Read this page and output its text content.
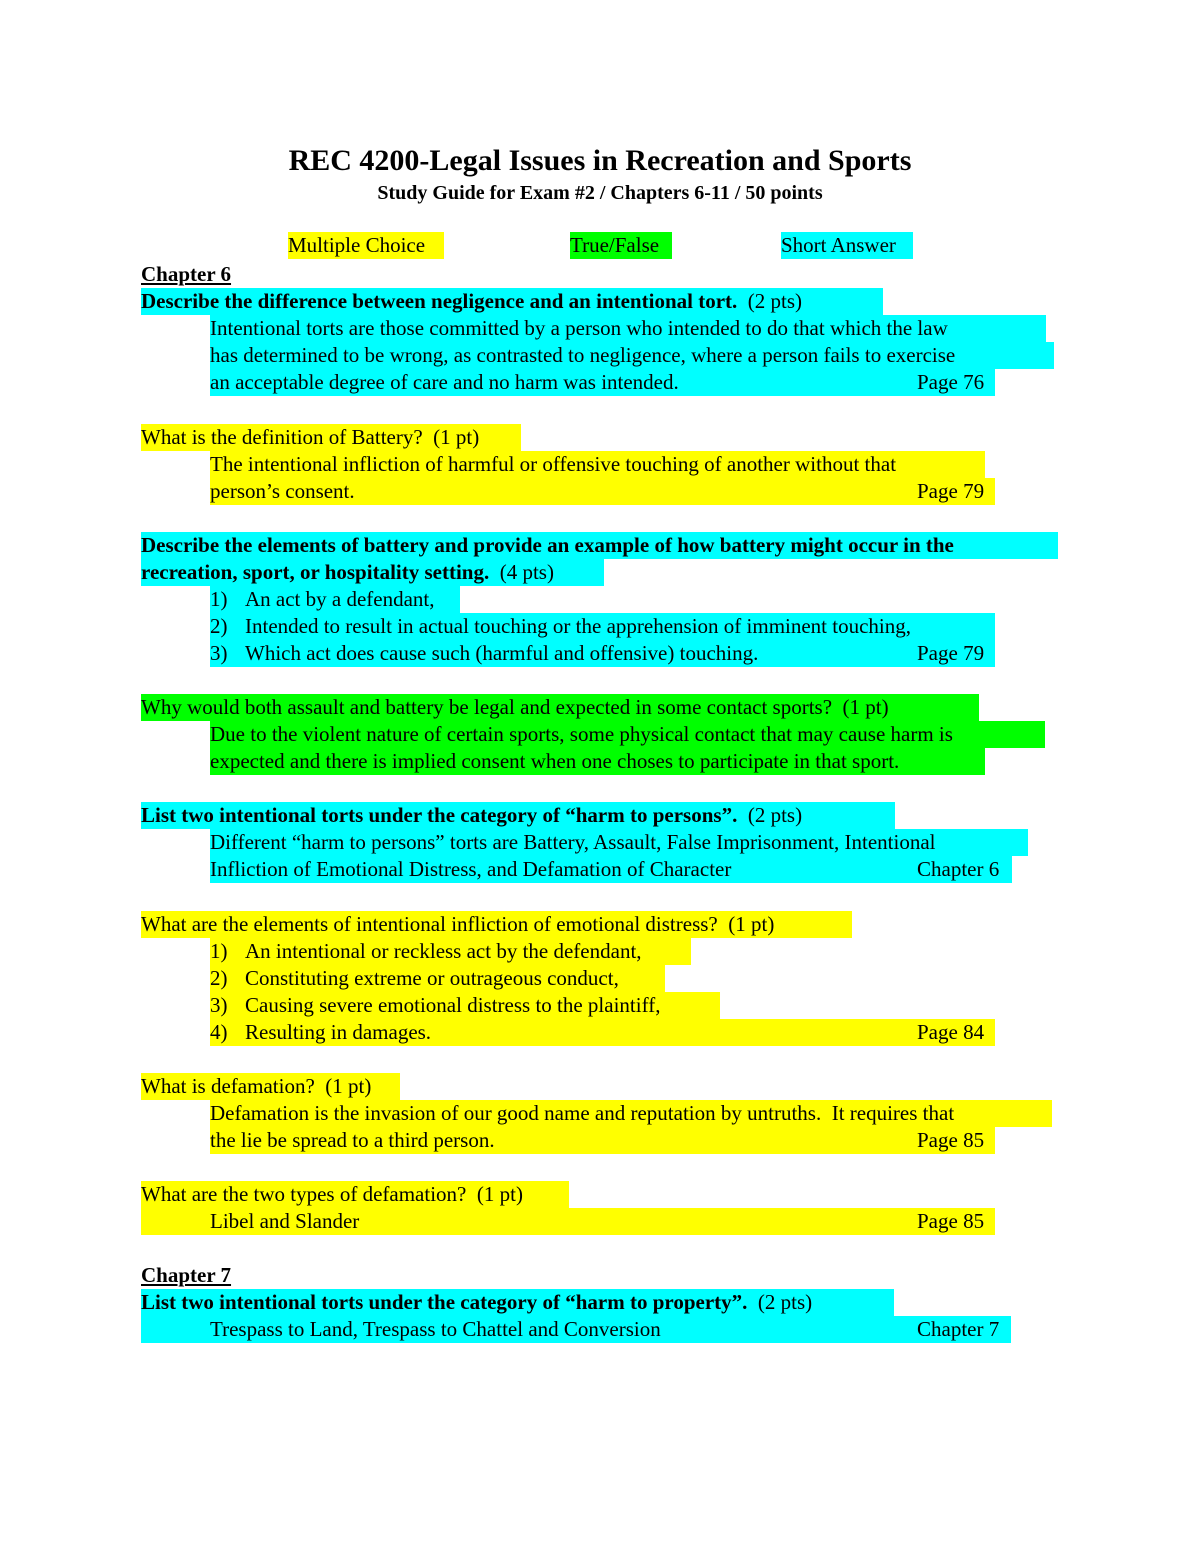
REC 4200-Legal Issues in Recreation and Sports
Study Guide for Exam #2 / Chapters 6-11 / 50 points
Multiple Choice	True/False	Short Answer
Chapter 6
Describe the difference between negligence and an intentional tort. (2 pts)
Intentional torts are those committed by a person who intended to do that which the law
has determined to be wrong, as contrasted to negligence, where a person fails to exercise
an acceptable degree of care and no harm was intended.	Page 76
What is the definition of Battery?  (1 pt)
The intentional infliction of harmful or offensive touching of another without that
person’s consent.	Page 79
Describe the elements of battery and provide an example of how battery might occur in the
recreation, sport, or hospitality setting. (4 pts)
1) An act by a defendant,
2) Intended to result in actual touching or the apprehension of imminent touching,
3) Which act does cause such (harmful and offensive) touching.	Page 79
Why would both assault and battery be legal and expected in some contact sports?  (1 pt)
Due to the violent nature of certain sports, some physical contact that may cause harm is
expected and there is implied consent when one choses to participate in that sport.
List two intentional torts under the category of “harm to persons”. (2 pts)
Different “harm to persons” torts are Battery, Assault, False Imprisonment, Intentional
Infliction of Emotional Distress, and Defamation of Character	Chapter 6
What are the elements of intentional infliction of emotional distress?  (1 pt)
1) An intentional or reckless act by the defendant,
2) Constituting extreme or outrageous conduct,
3) Causing severe emotional distress to the plaintiff,
4) Resulting in damages.	Page 84
What is defamation?  (1 pt)
Defamation is the invasion of our good name and reputation by untruths.  It requires that
the lie be spread to a third person.	Page 85
What are the two types of defamation?  (1 pt)
Libel and Slander	Page 85
Chapter 7
List two intentional torts under the category of “harm to property”. (2 pts)
Trespass to Land, Trespass to Chattel and Conversion	Chapter 7
